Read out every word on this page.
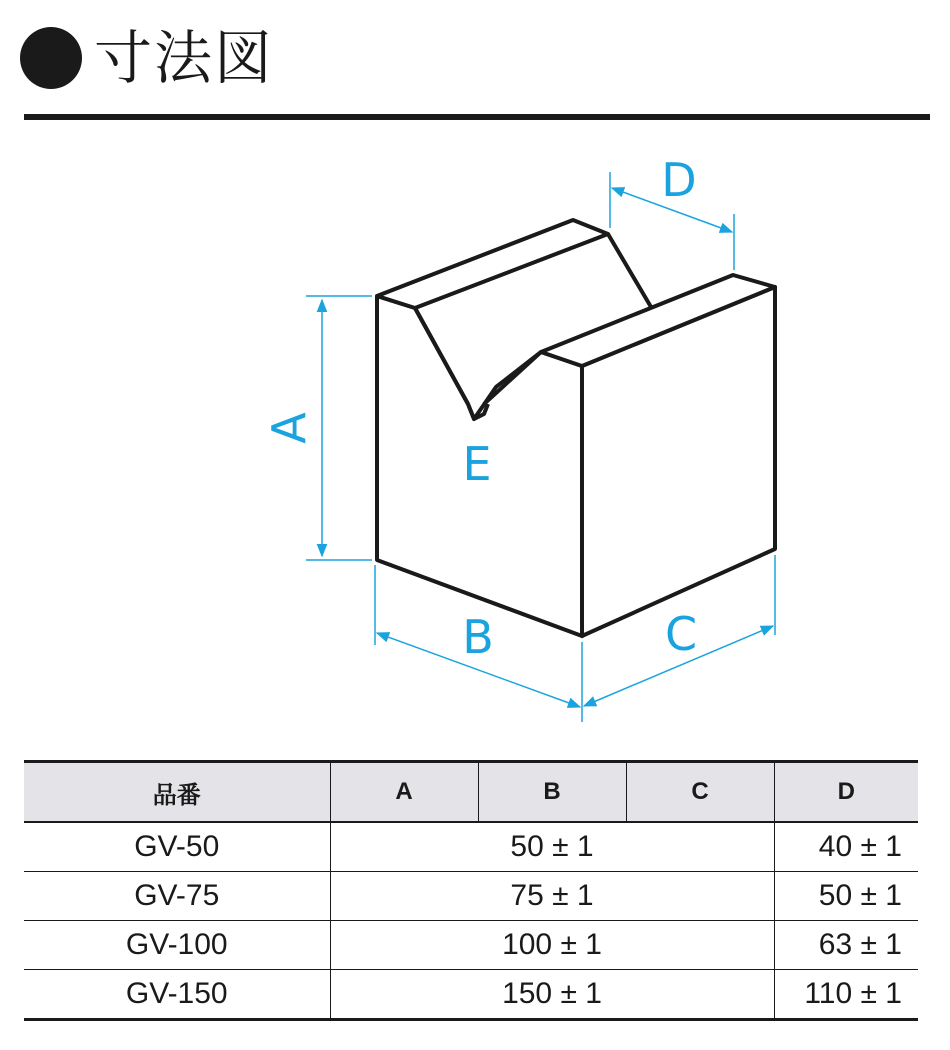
寸法図
A
E
B	C
D
品番	A	B	C	D
GV-50	50 ± 1			40 ± 1
GV-75	75 ± 1			50 ± 1
GV-100	100 ± 1			63 ± 1
GV-150	150 ± 1			110 ± 1
